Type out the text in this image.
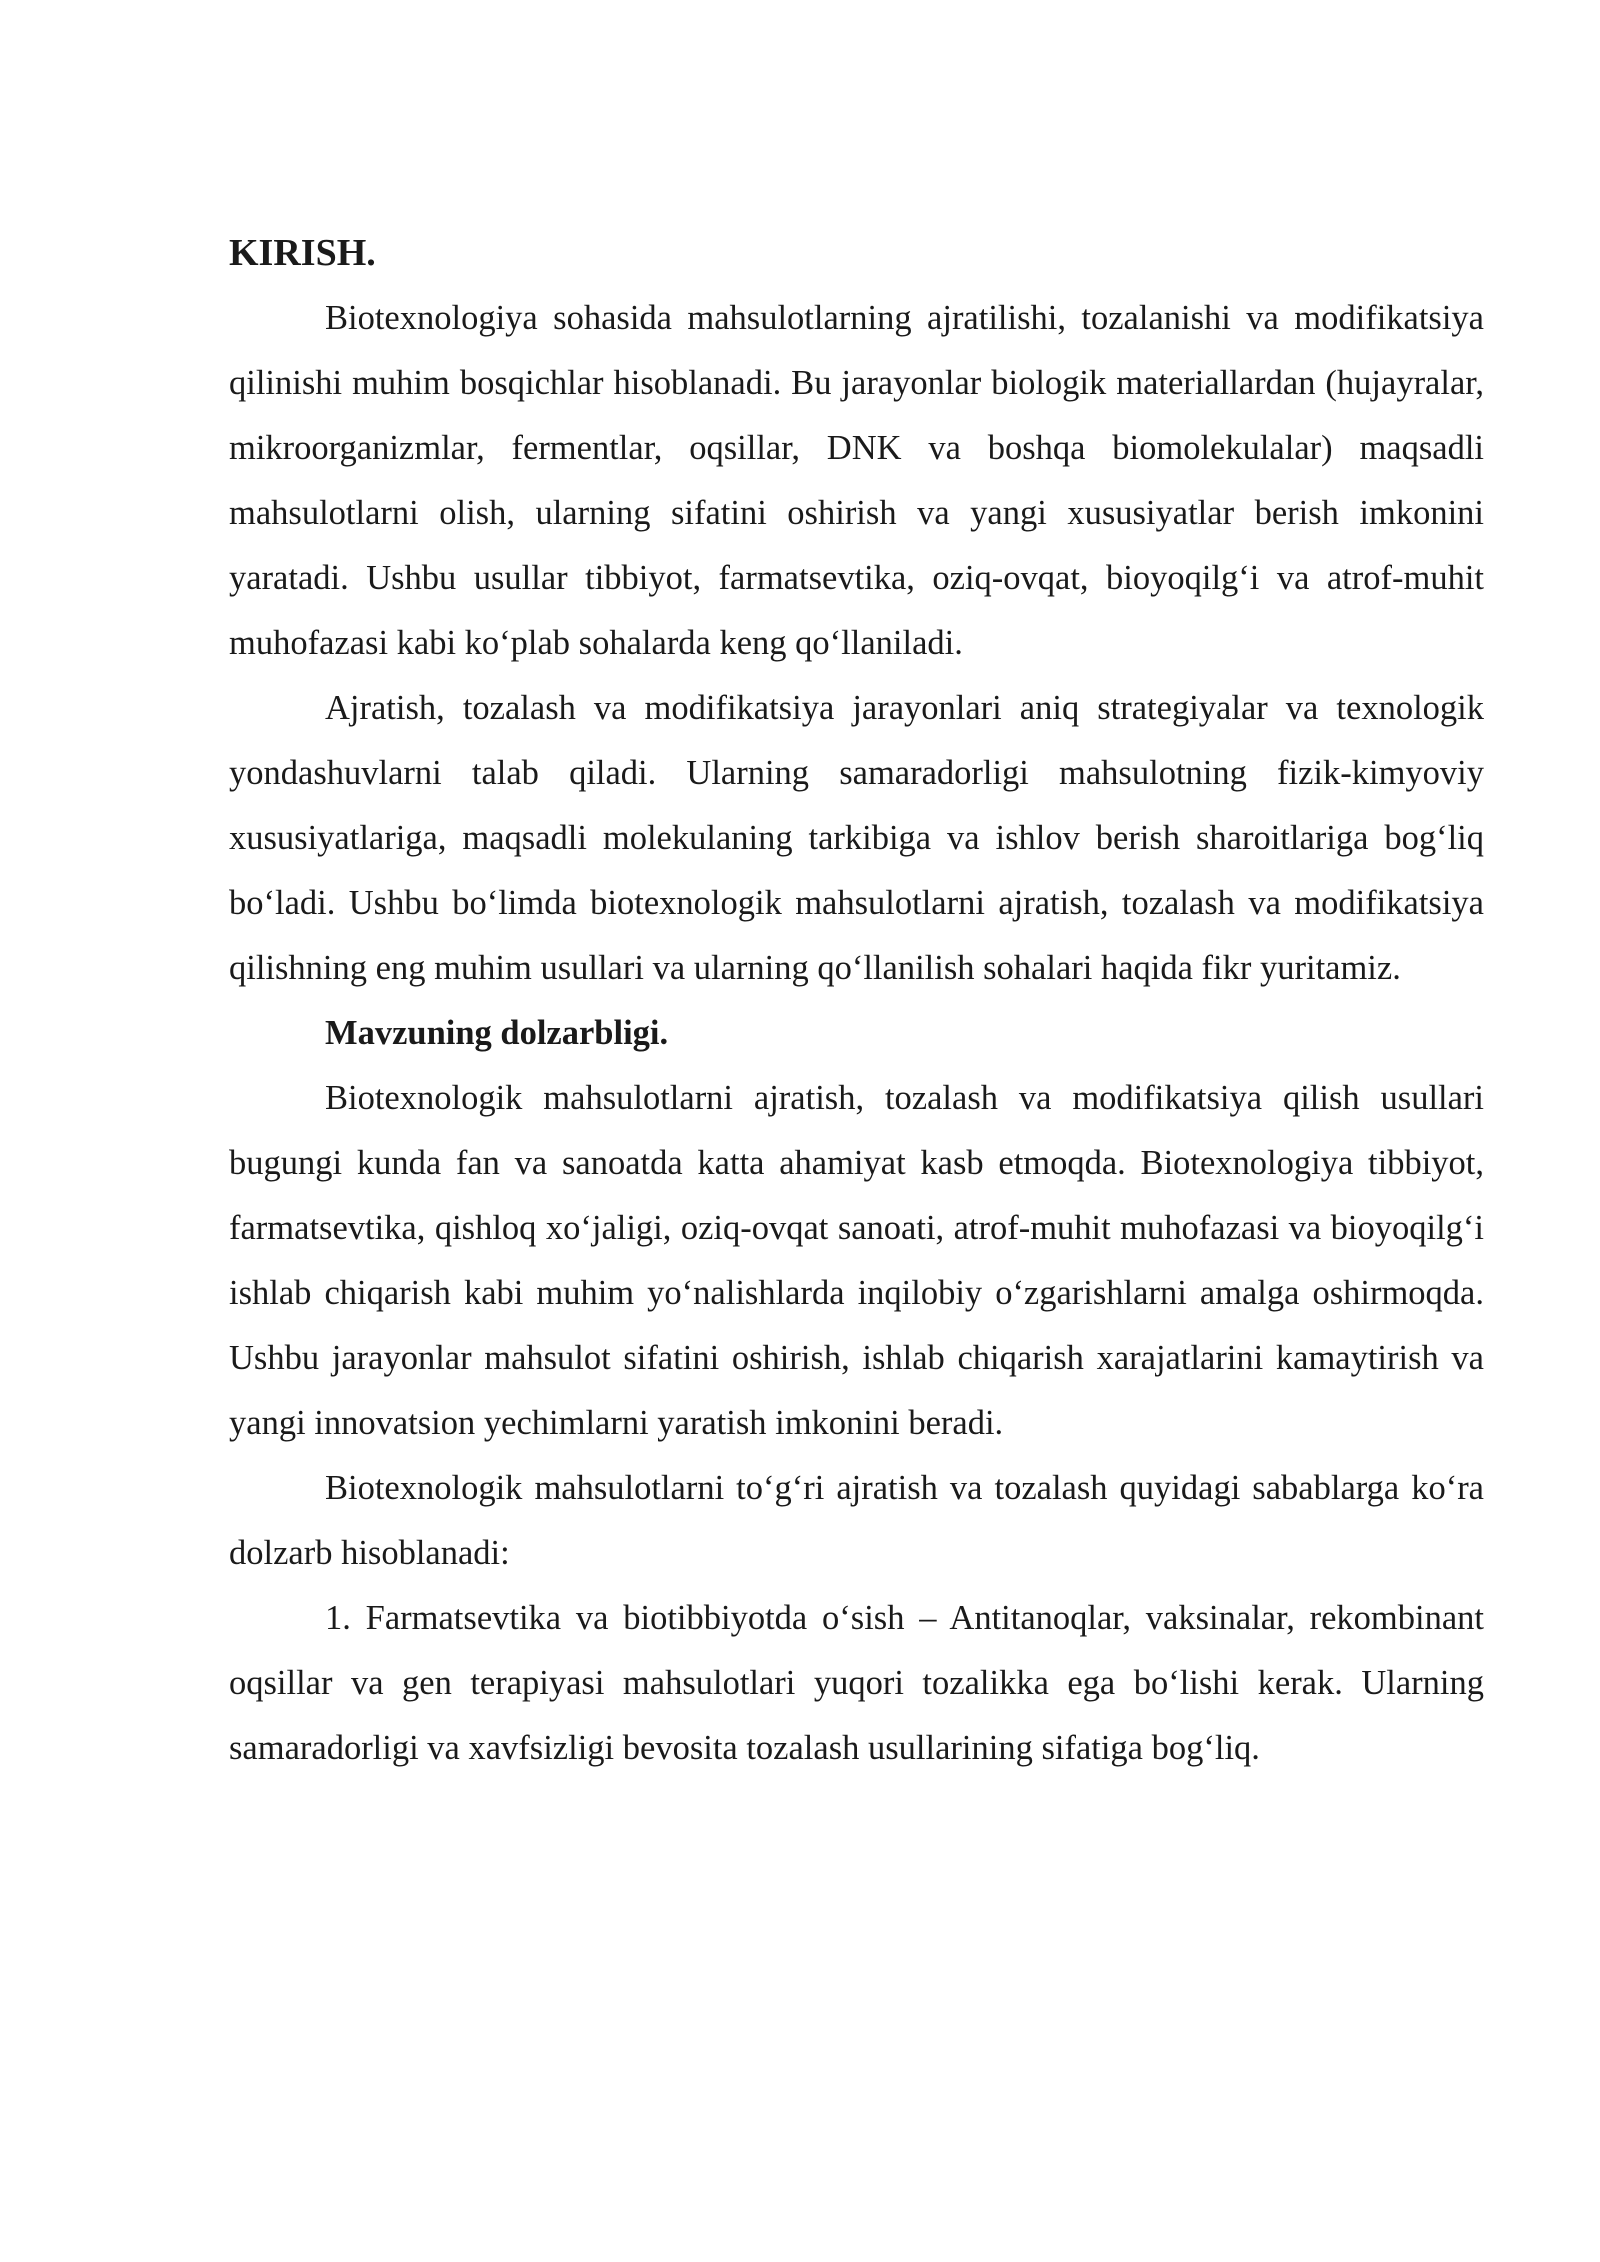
KIRISH.

Biotexnologiya sohasida mahsulotlarning ajratilishi, tozalanishi va modifikatsiya qilinishi muhim bosqichlar hisoblanadi. Bu jarayonlar biologik materiallardan (hujayralar, mikroorganizmlar, fermentlar, oqsillar, DNK va boshqa biomolekulalar) maqsadli mahsulotlarni olish, ularning sifatini oshirish va yangi xususiyatlar berish imkonini yaratadi. Ushbu usullar tibbiyot, farmatsevtika, oziq-ovqat, bioyoqilg‘i va atrof-muhit muhofazasi kabi ko‘plab sohalarda keng qo‘llaniladi.

Ajratish, tozalash va modifikatsiya jarayonlari aniq strategiyalar va texnologik yondashuvlarni talab qiladi. Ularning samaradorligi mahsulotning fizik-kimyoviy xususiyatlariga, maqsadli molekulaning tarkibiga va ishlov berish sharoitlariga bog‘liq bo‘ladi. Ushbu bo‘limda biotexnologik mahsulotlarni ajratish, tozalash va modifikatsiya qilishning eng muhim usullari va ularning qo‘llanilish sohalari haqida fikr yuritamiz.

Mavzuning dolzarbligi.

Biotexnologik mahsulotlarni ajratish, tozalash va modifikatsiya qilish usullari bugungi kunda fan va sanoatda katta ahamiyat kasb etmoqda. Biotexnologiya tibbiyot, farmatsevtika, qishloq xo‘jaligi, oziq-ovqat sanoati, atrof-muhit muhofazasi va bioyoqilg‘i ishlab chiqarish kabi muhim yo‘nalishlarda inqilobiy o‘zgarishlarni amalga oshirmoqda. Ushbu jarayonlar mahsulot sifatini oshirish, ishlab chiqarish xarajatlarini kamaytirish va yangi innovatsion yechimlarni yaratish imkonini beradi.

Biotexnologik mahsulotlarni to‘g‘ri ajratish va tozalash quyidagi sabablarga ko‘ra dolzarb hisoblanadi:

1. Farmatsevtika va biotibbiyotda o‘sish – Antitanoqlar, vaksinalar, rekombinant oqsillar va gen terapiyasi mahsulotlari yuqori tozalikka ega bo‘lishi kerak. Ularning samaradorligi va xavfsizligi bevosita tozalash usullarining sifatiga bog‘liq.
